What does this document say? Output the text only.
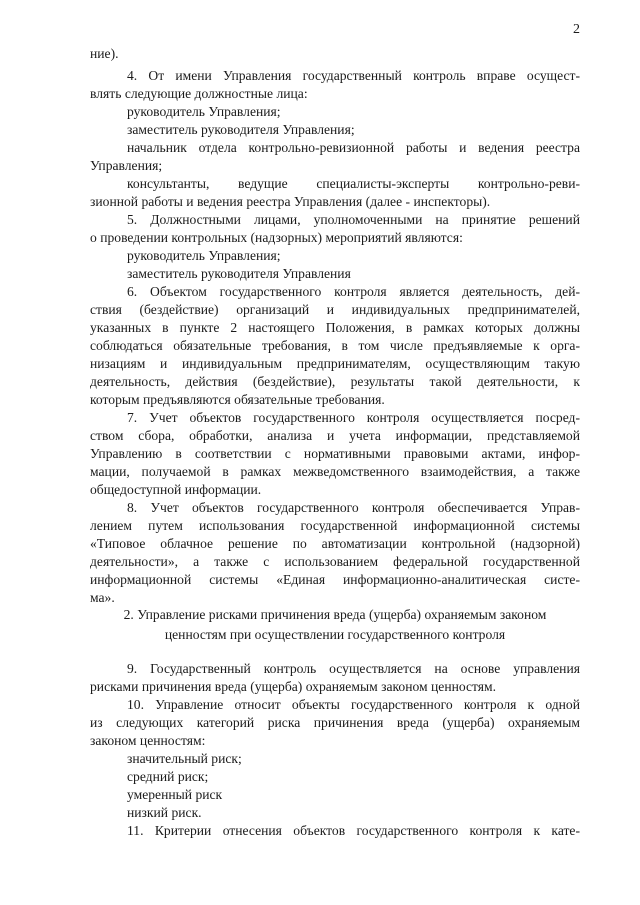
2
ние).
4. От имени Управления государственный контроль вправе осущест-
влять следующие должностные лица:
руководитель Управления;
заместитель руководителя Управления;
начальник отдела контрольно-ревизионной работы и ведения реестра
Управления;
консультанты, ведущие специалисты-эксперты контрольно-реви-
зионной работы и ведения реестра Управления (далее - инспекторы).
5. Должностными лицами, уполномоченными на принятие решений
о проведении контрольных (надзорных) мероприятий являются:
руководитель Управления;
заместитель руководителя Управления
6. Объектом государственного контроля является деятельность, дей-
ствия (бездействие) организаций и индивидуальных предпринимателей,
указанных в пункте 2 настоящего Положения, в рамках которых должны
соблюдаться обязательные требования, в том числе предъявляемые к орга-
низациям и индивидуальным предпринимателям, осуществляющим такую
деятельность, действия (бездействие), результаты такой деятельности, к
которым предъявляются обязательные требования.
7. Учет объектов государственного контроля осуществляется посред-
ством сбора, обработки, анализа и учета информации, представляемой
Управлению в соответствии с нормативными правовыми актами, инфор-
мации, получаемой в рамках межведомственного взаимодействия, а также
общедоступной информации.
8. Учет объектов государственного контроля обеспечивается Управ-
лением путем использования государственной информационной системы
«Типовое облачное решение по автоматизации контрольной (надзорной)
деятельности», а также с использованием федеральной государственной
информационной системы «Единая информационно-аналитическая систе-
ма».
2. Управление рисками причинения вреда (ущерба) охраняемым законом
ценностям при осуществлении государственного контроля
9. Государственный контроль осуществляется на основе управления
рисками причинения вреда (ущерба) охраняемым законом ценностям.
10. Управление относит объекты государственного контроля к одной
из следующих категорий риска причинения вреда (ущерба) охраняемым
законом ценностям:
значительный риск;
средний риск;
умеренный риск
низкий риск.
11. Критерии отнесения объектов государственного контроля к кате-
